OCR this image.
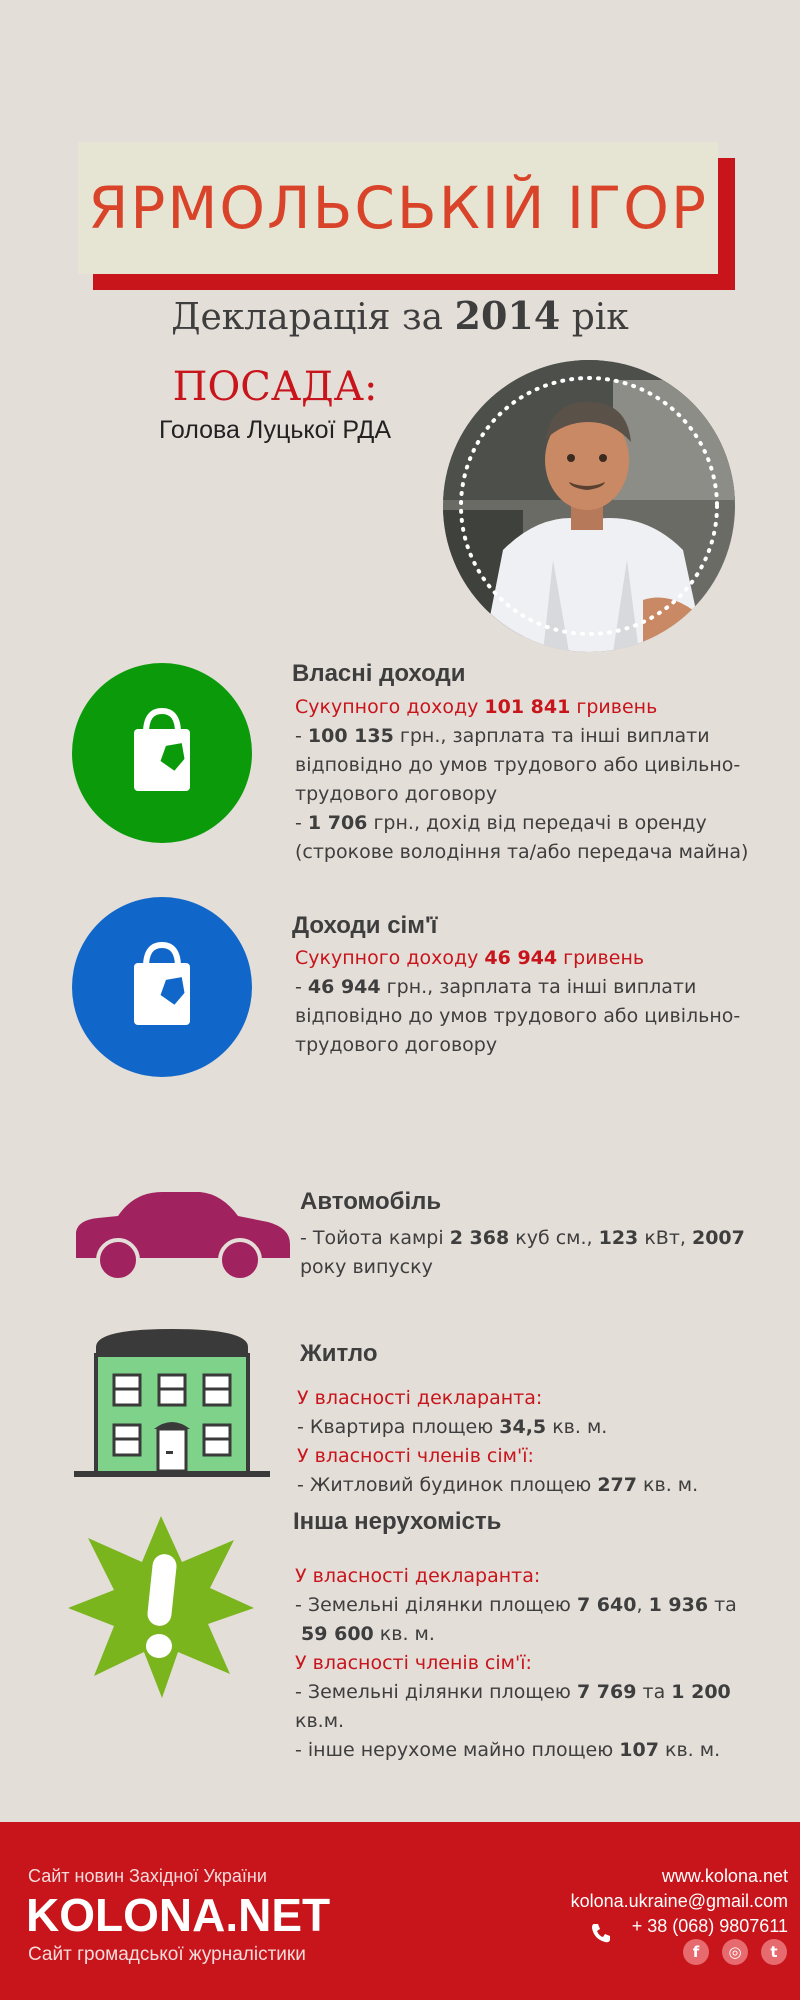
ЯРМОЛЬСЬКІЙ ІГОР
Декларація за 2014 рік
ПОСАДА:
Голова Луцької РДА
Власні доходи
Сукупного доходу 101 841 гривень
- 100 135 грн., зарплата та інші виплати відповідно до умов трудового або цивільно-трудового договору
- 1 706 грн., дохід від передачі в оренду (строкове володіння та/або передача майна)
Доходи сім'ї
Сукупного доходу 46 944 гривень
- 46 944 грн., зарплата та інші виплати відповідно до умов трудового або цивільно-трудового договору
Автомобіль
- Тойота камрі 2 368 куб см., 123 кВт, 2007 року випуску
Житло
У власності декларанта:
- Квартира площею 34,5 кв. м.
У власності членів сім'ї:
- Житловий будинок площею 277 кв. м.
Інша нерухомість
У власності декларанта:
- Земельні ділянки площею 7 640, 1 936 та
59 600 кв. м.
У власності членів сім'ї:
- Земельні ділянки площею 7 769 та 1 200
кв.м.
- інше нерухоме майно площею 107 кв. м.
Сайт новин Західної України
KOLONA.NET
Сайт громадської журналістики
www.kolona.net
kolona.ukraine@gmail.com
+ 38 (068) 9807611
f	◎	t
